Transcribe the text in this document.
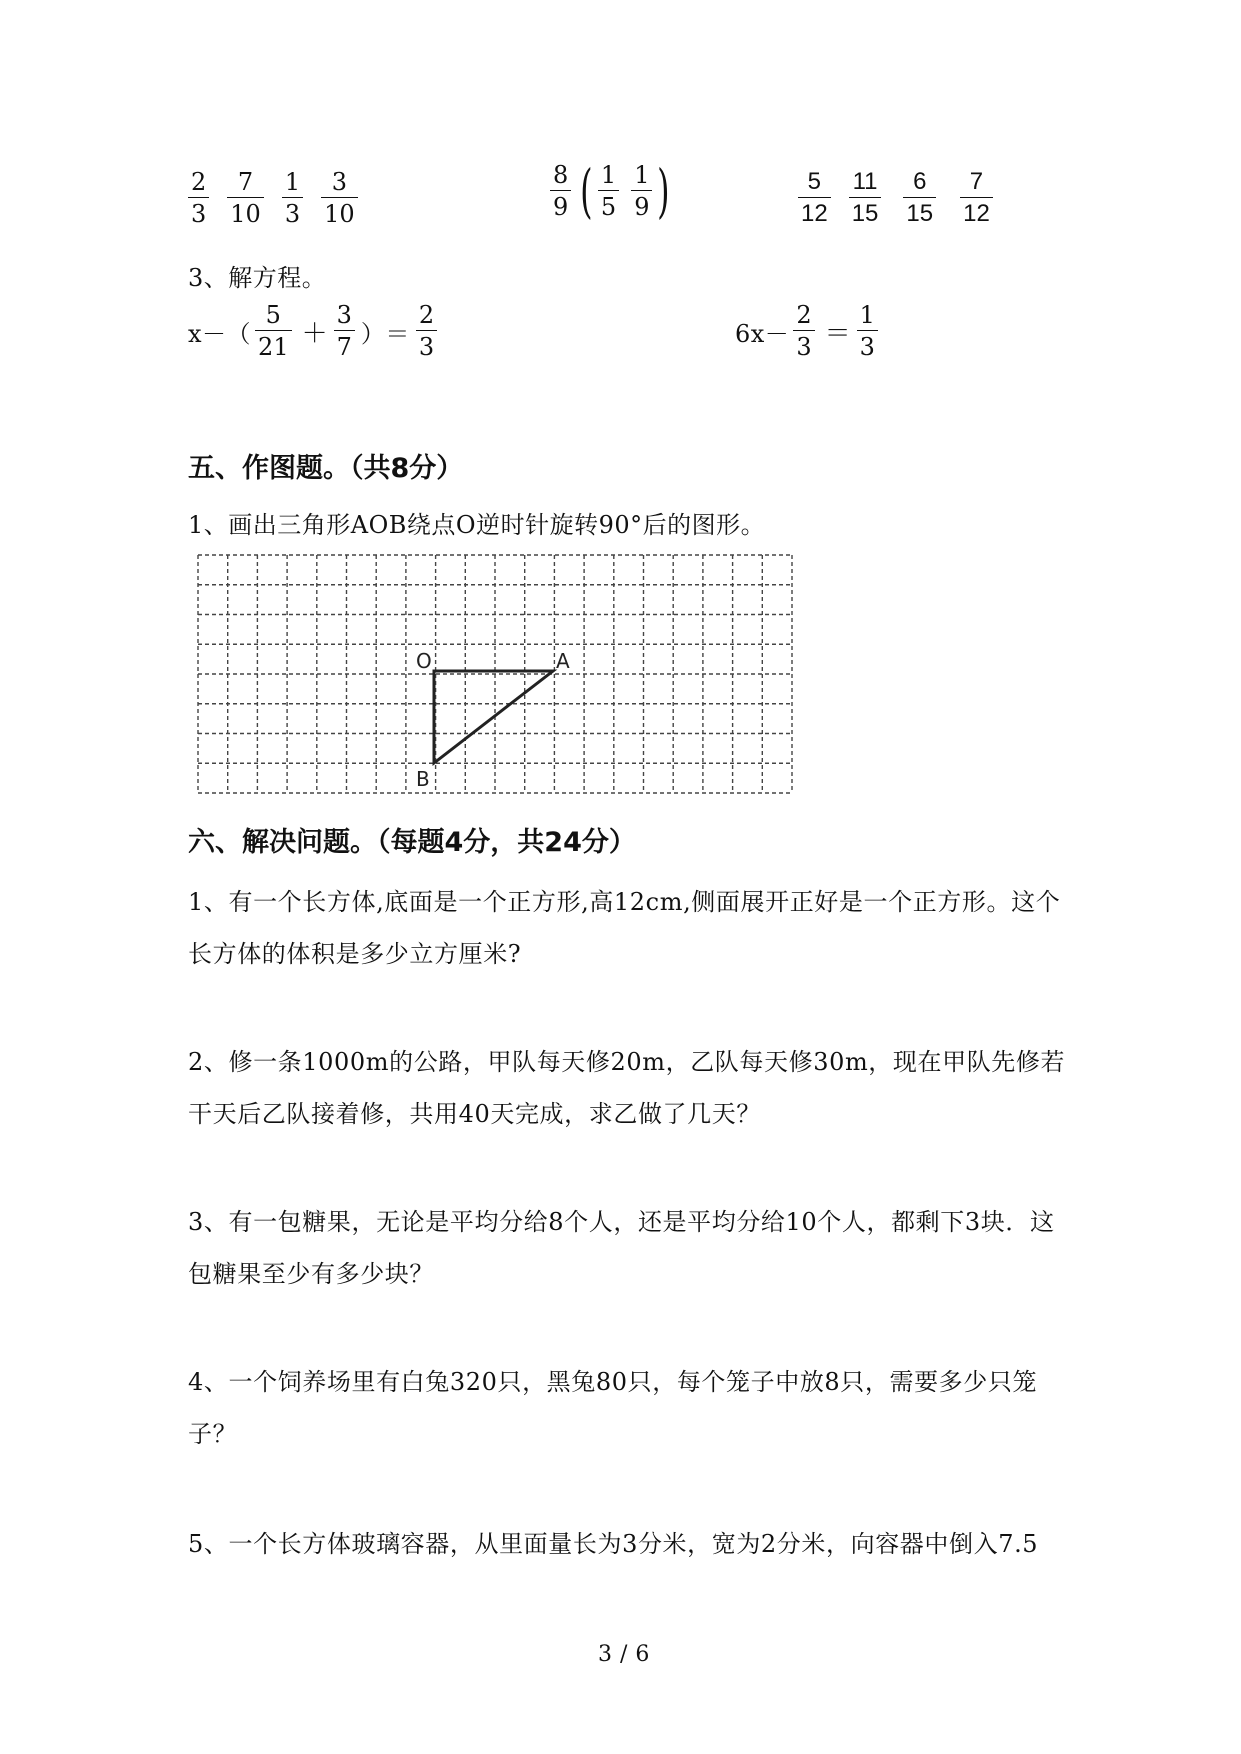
$\frac{2}{3} \frac{7}{10} \frac{1}{3} \frac{3}{10}$	$\frac{8}{9}$ ( $\frac{1}{5} \frac{1}{9}$ )	$\frac{5}{12} \frac{11}{15} \frac{6}{15} \frac{7}{12}$
3、解方程。
$x-( \frac{5}{21} + \frac{3}{7}$ ）＝ $\frac{2}{3}$	$6x- \frac{2}{3} = \frac{1}{3}$
五、作图题。（共8分）
1、画出三角形AOB绕点O逆时针旋转90°后的图形。
O	A
B
六、解决问题。（每题4分，共24分）
1、有一个长方体,底面是一个正方形,高12cm,侧面展开正好是一个正方形。这个长方体的体积是多少立方厘米?
2、修一条1000m的公路，甲队每天修20m，乙队每天修30m，现在甲队先修若干天后乙队接着修，共用40天完成，求乙做了几天？
3、有一包糖果，无论是平均分给8个人，还是平均分给10个人，都剩下3块．这包糖果至少有多少块？
4、一个饲养场里有白兔320只，黑兔80只，每个笼子中放8只，需要多少只笼子？
5、一个长方体玻璃容器，从里面量长为3分米，宽为2分米，向容器中倒入7.5
3 / 6
